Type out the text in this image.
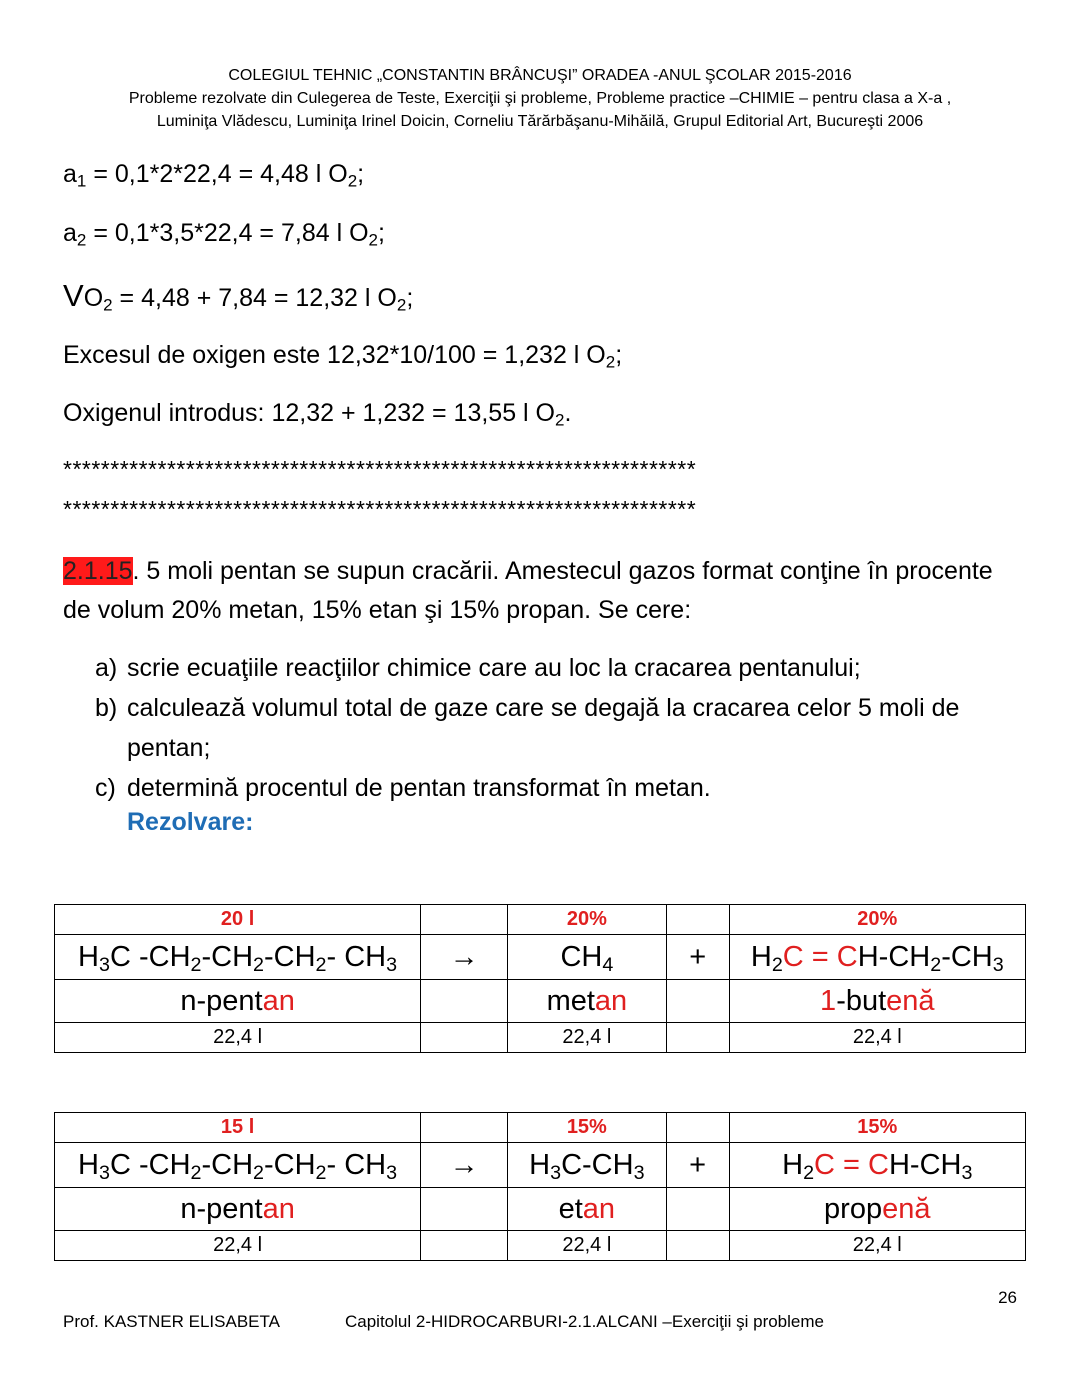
COLEGIUL TEHNIC „CONSTANTIN BRÂNCUŞI” ORADEA -ANUL ŞCOLAR 2015-2016
Probleme rezolvate din Culegerea de Teste, Exerciţii şi probleme, Probleme practice –CHIMIE – pentru clasa a X-a ,
Luminiţa Vlădescu, Luminiţa Irinel Doicin, Corneliu Tărărbăşanu-Mihăilă, Grupul Editorial Art, Bucureşti 2006
$a_1 = 0,1*2*22,4 = 4,48$ l $O_2$;
$a_2 = 0,1*3,5*22,4 = 7,84$ l $O_2$;
$VO_2 = 4,48 + 7,84 = 12,32$ l $O_2$;
Excesul de oxigen este 12,32*10/100 = 1,232 l $O_2$;
Oxigenul introdus: 12,32 + 1,232 = 13,55 l $O_2$.
*******************************************************************
*******************************************************************
2.1.15. 5 moli pentan se supun cracării. Amestecul gazos format conţine în procente de volum 20% metan, 15% etan şi 15% propan. Se cere:
a) scrie ecuaţiile reacţiilor chimice care au loc la cracarea pentanului;
b) calculează volumul total de gaze care se degajă la cracarea celor 5 moli de pentan;
c) determină procentul de pentan transformat în metan.
Rezolvare:
20 l		20%		20%
$H_3C$ $-CH_2-CH_2-CH_2-$ $CH_3$	→	$CH_4$	+	$H_2C = CH-CH_2-CH_3$
n-pentan		metan		1-butenă
22,4 l		22,4 l		22,4 l
15 l		15%		15%
$H_3C$ $-CH_2-CH_2-CH_2-$ $CH_3$	→	$H_3C-CH_3$	+	$H_2C = CH-CH_3$
n-pentan		etan		propenă
22,4 l		22,4 l		22,4 l
26
Prof. KASTNER ELISABETA	Capitolul 2-HIDROCARBURI-2.1.ALCANI –Exerciţii şi probleme
